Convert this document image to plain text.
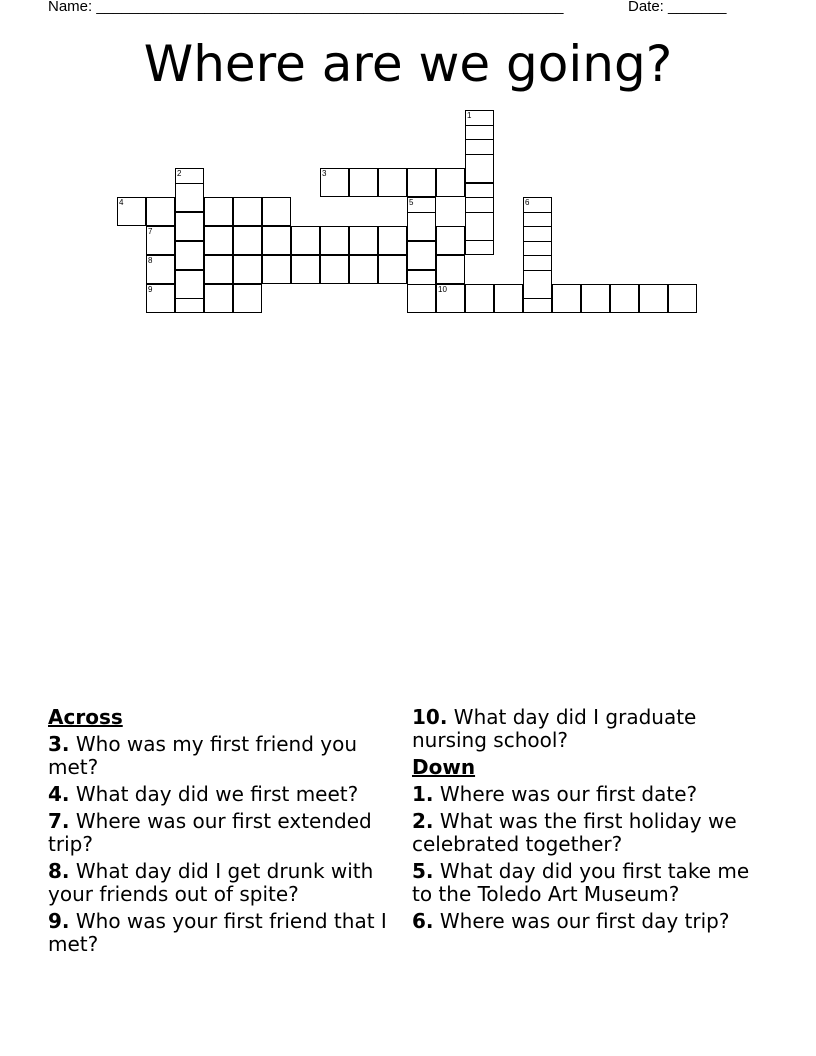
Name: ________________________________________________________	Date: _______
Where are we going?
3
4
7
8
9	10
1
2
5	6
Across
3. Who was my first friend you met?
4. What day did we first meet?
7. Where was our first extended trip?
8. What day did I get drunk with your friends out of spite?
9. Who was your first friend that I met?
10. What day did I graduate nursing school?
Down
1. Where was our first date?
2. What was the first holiday we celebrated together?
5. What day did you first take me to the Toledo Art Museum?
6. Where was our first day trip?
